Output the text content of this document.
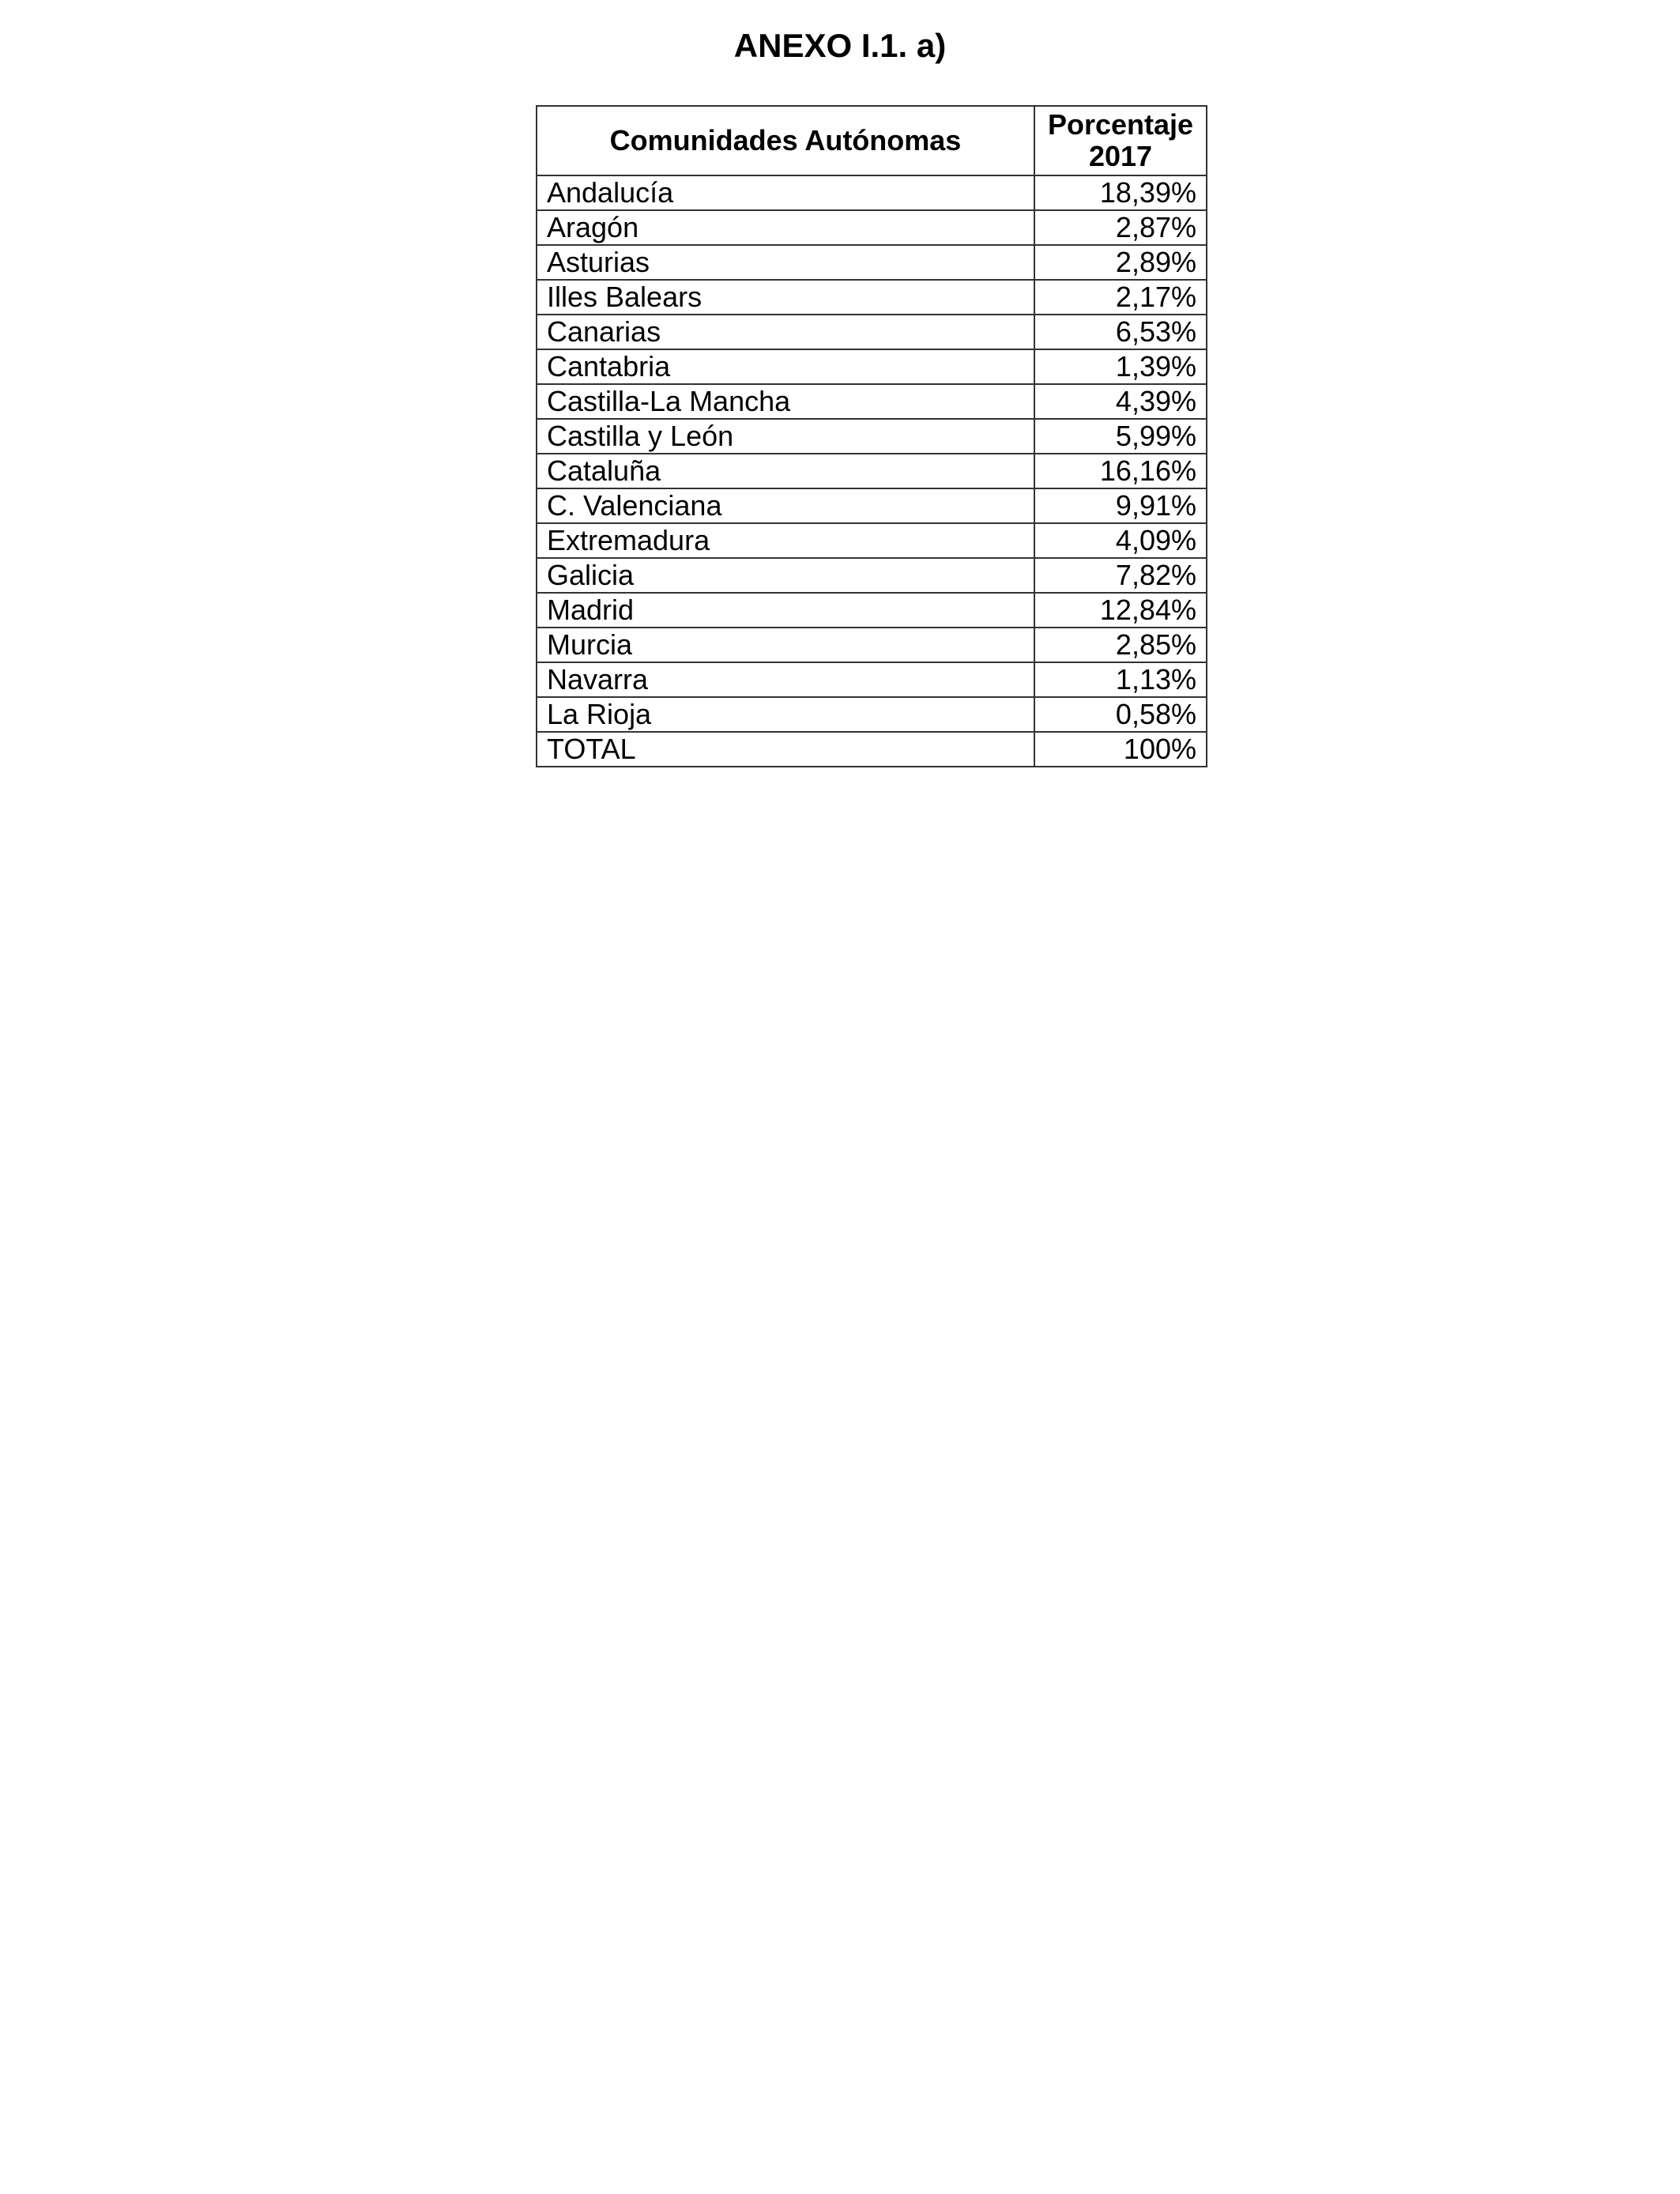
ANEXO I.1. a)
Comunidades Autónomas	Porcentaje
2017

Andalucía	18,39%
Aragón	2,87%
Asturias	2,89%
Illes Balears	2,17%
Canarias	6,53%
Cantabria	1,39%
Castilla-La Mancha	4,39%
Castilla y León	5,99%
Cataluña	16,16%
C. Valenciana	9,91%
Extremadura	4,09%
Galicia	7,82%
Madrid	12,84%
Murcia	2,85%
Navarra	1,13%
La Rioja	0,58%
TOTAL	100%
